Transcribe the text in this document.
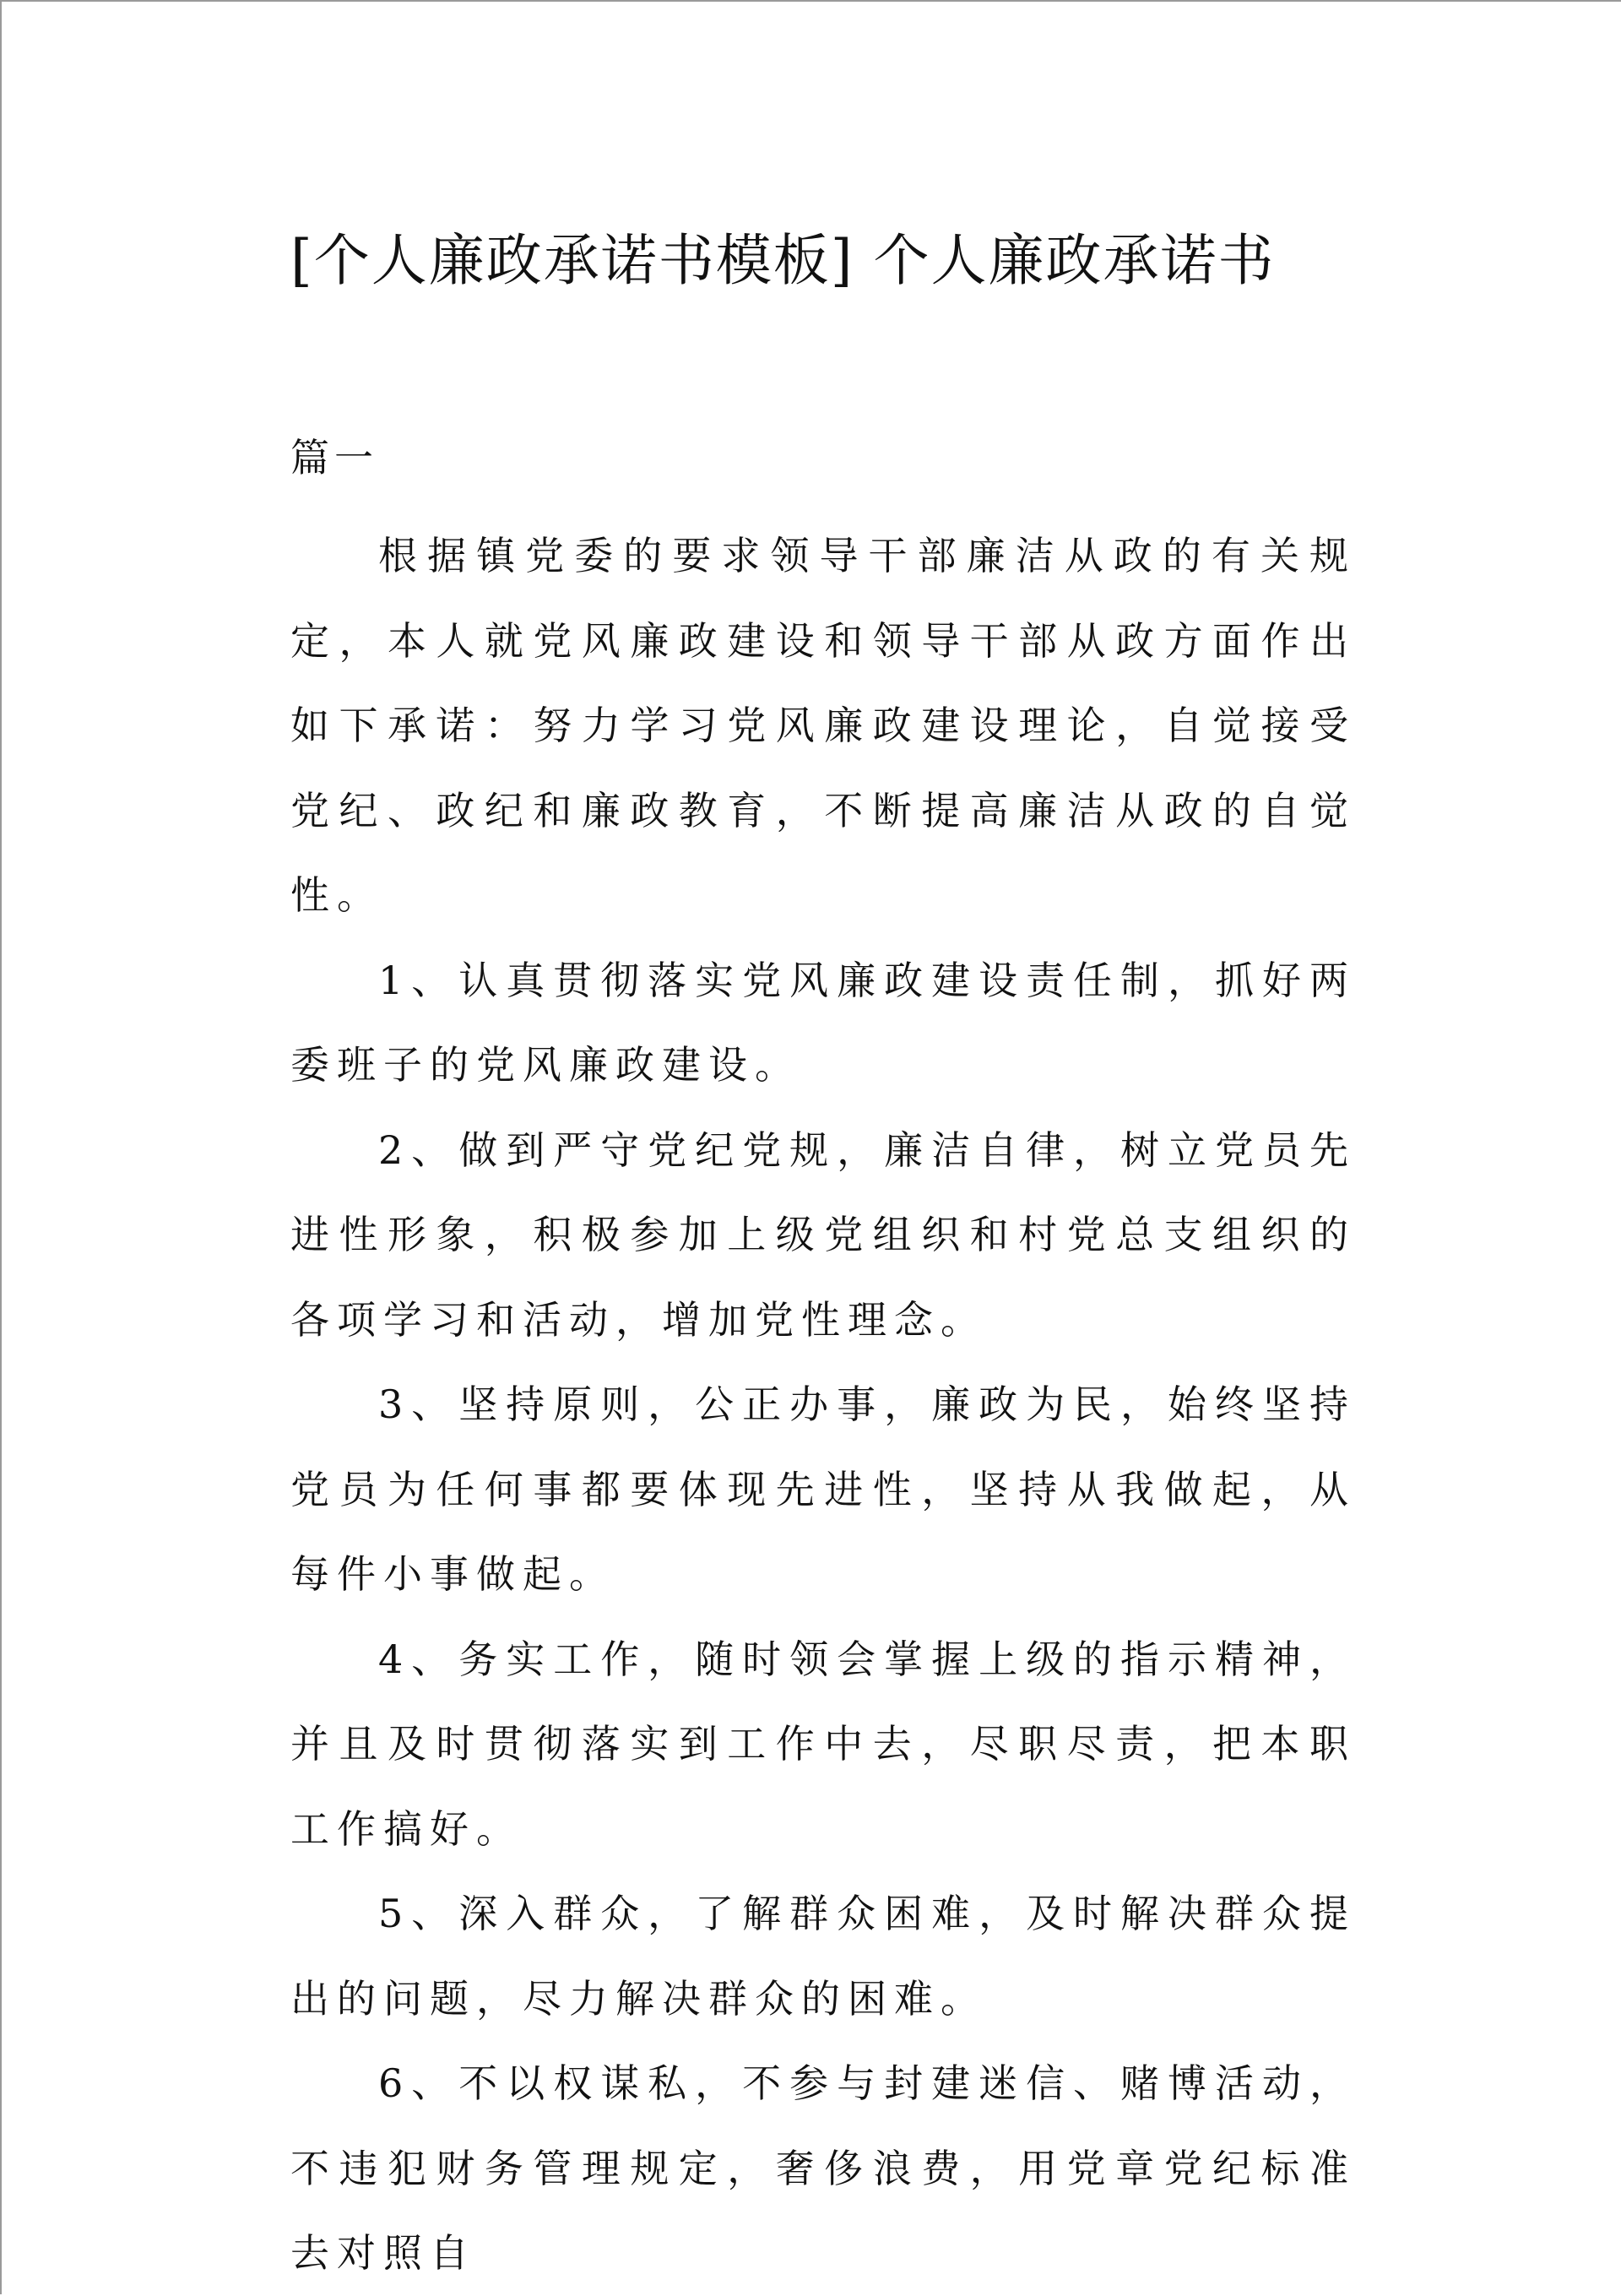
[个人廉政承诺书模板] 个人廉政承诺书

篇一

根据镇党委的要求领导干部廉洁从政的有关规定，本人就党风廉政建设和领导干部从政方面作出如下承诺：努力学习党风廉政建设理论，自觉接受党纪、政纪和廉政教育，不断提高廉洁从政的自觉性。

1、认真贯彻落实党风廉政建设责任制，抓好两委班子的党风廉政建设。

2、做到严守党纪党规，廉洁自律，树立党员先进性形象，积极参加上级党组织和村党总支组织的各项学习和活动，增加党性理念。

3、坚持原则，公正办事，廉政为民，始终坚持党员为任何事都要体现先进性，坚持从我做起，从每件小事做起。

4、务实工作，随时领会掌握上级的指示精神，并且及时贯彻落实到工作中去，尽职尽责，把本职工作搞好。

5、深入群众，了解群众困难，及时解决群众提出的问题，尽力解决群众的困难。

6、不以权谋私，不参与封建迷信、赌博活动，不违犯财务管理规定，奢侈浪费，用党章党纪标准去对照自
